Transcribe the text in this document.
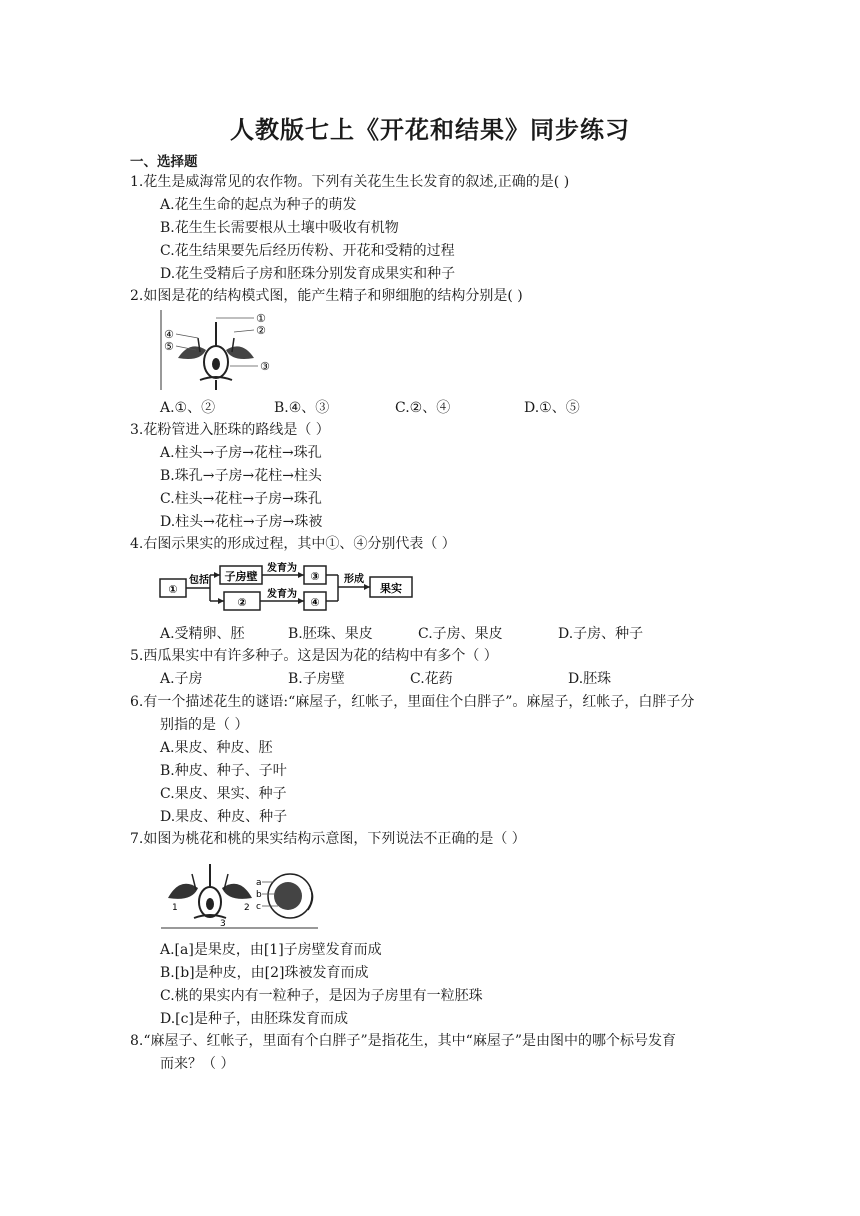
人教版七上《开花和结果》同步练习
一、选择题
1.花生是威海常见的农作物。下列有关花生生长发育的叙述,正确的是( )
A.花生生命的起点为种子的萌发
B.花生生长需要根从土壤中吸收有机物
C.花生结果要先后经历传粉、开花和受精的过程
D.花生受精后子房和胚珠分别发育成果实和种子
2.如图是花的结构模式图，能产生精子和卵细胞的结构分别是( )
①
②
③
④
⑤
A.①、②	B.④、③	C.②、④	D.①、⑤
3.花粉管进入胚珠的路线是（ ）
A.柱头→子房→花柱→珠孔
B.珠孔→子房→花柱→柱头
C.柱头→花柱→子房→珠孔
D.柱头→花柱→子房→珠被
4.右图示果实的形成过程，其中①、④分别代表（ ）
①
子房壁
②
③
④
果实
包括
发育为
发育为
形成
A.受精卵、胚	B.胚珠、果皮	C.子房、果皮	D.子房、种子
5.西瓜果实中有许多种子。这是因为花的结构中有多个（ ）
A.子房	B.子房壁	C.花药	D.胚珠
6.有一个描述花生的谜语:“麻屋子，红帐子，里面住个白胖子”。麻屋子，红帐子，白胖子分
别指的是（ ）
A.果皮、种皮、胚
B.种皮、种子、子叶
C.果皮、果实、种子
D.果皮、种皮、种子
7.如图为桃花和桃的果实结构示意图，下列说法不正确的是（ ）
a
b
c
1	2
3
A.[a]是果皮，由[1]子房壁发育而成
B.[b]是种皮，由[2]珠被发育而成
C.桃的果实内有一粒种子，是因为子房里有一粒胚珠
D.[c]是种子，由胚珠发育而成
8.“麻屋子、红帐子，里面有个白胖子”是指花生，其中“麻屋子”是由图中的哪个标号发育
而来？（ ）
